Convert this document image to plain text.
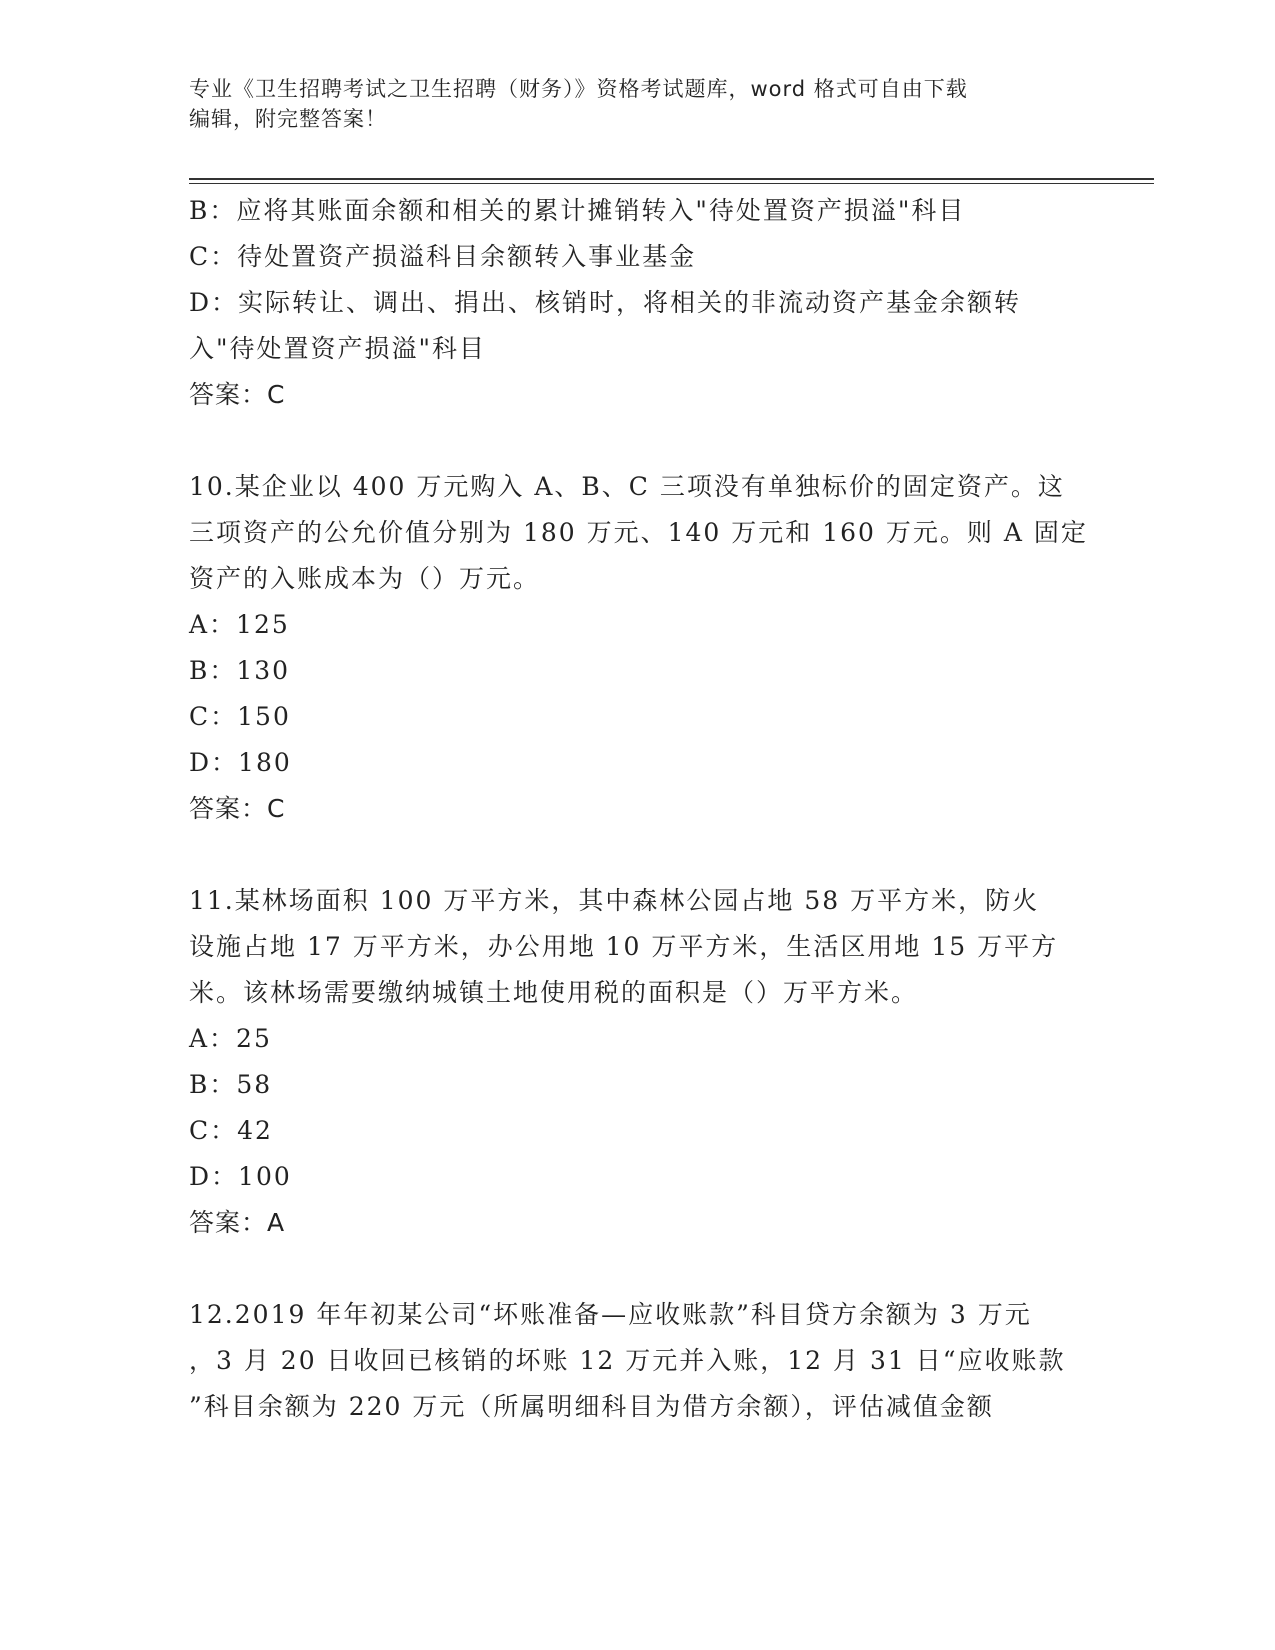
专业《卫生招聘考试之卫生招聘（财务）》资格考试题库，word 格式可自由下载
编辑，附完整答案！
B：应将其账面余额和相关的累计摊销转入"待处置资产损溢"科目
C：待处置资产损溢科目余额转入事业基金
D：实际转让、调出、捐出、核销时，将相关的非流动资产基金余额转
入"待处置资产损溢"科目
答案：C
10.某企业以 400 万元购入 A、B、C 三项没有单独标价的固定资产。这
三项资产的公允价值分别为 180 万元、140 万元和 160 万元。则 A 固定
资产的入账成本为（）万元。
A：125
B：130
C：150
D：180
答案：C
11.某林场面积 100 万平方米，其中森林公园占地 58 万平方米，防火
设施占地 17 万平方米，办公用地 10 万平方米，生活区用地 15 万平方
米。该林场需要缴纳城镇土地使用税的面积是（）万平方米。
A：25
B：58
C：42
D：100
答案：A
12.2019 年年初某公司“坏账准备—应收账款”科目贷方余额为 3 万元
，3 月 20 日收回已核销的坏账 12 万元并入账，12 月 31 日“应收账款
”科目余额为 220 万元（所属明细科目为借方余额），评估减值金额
